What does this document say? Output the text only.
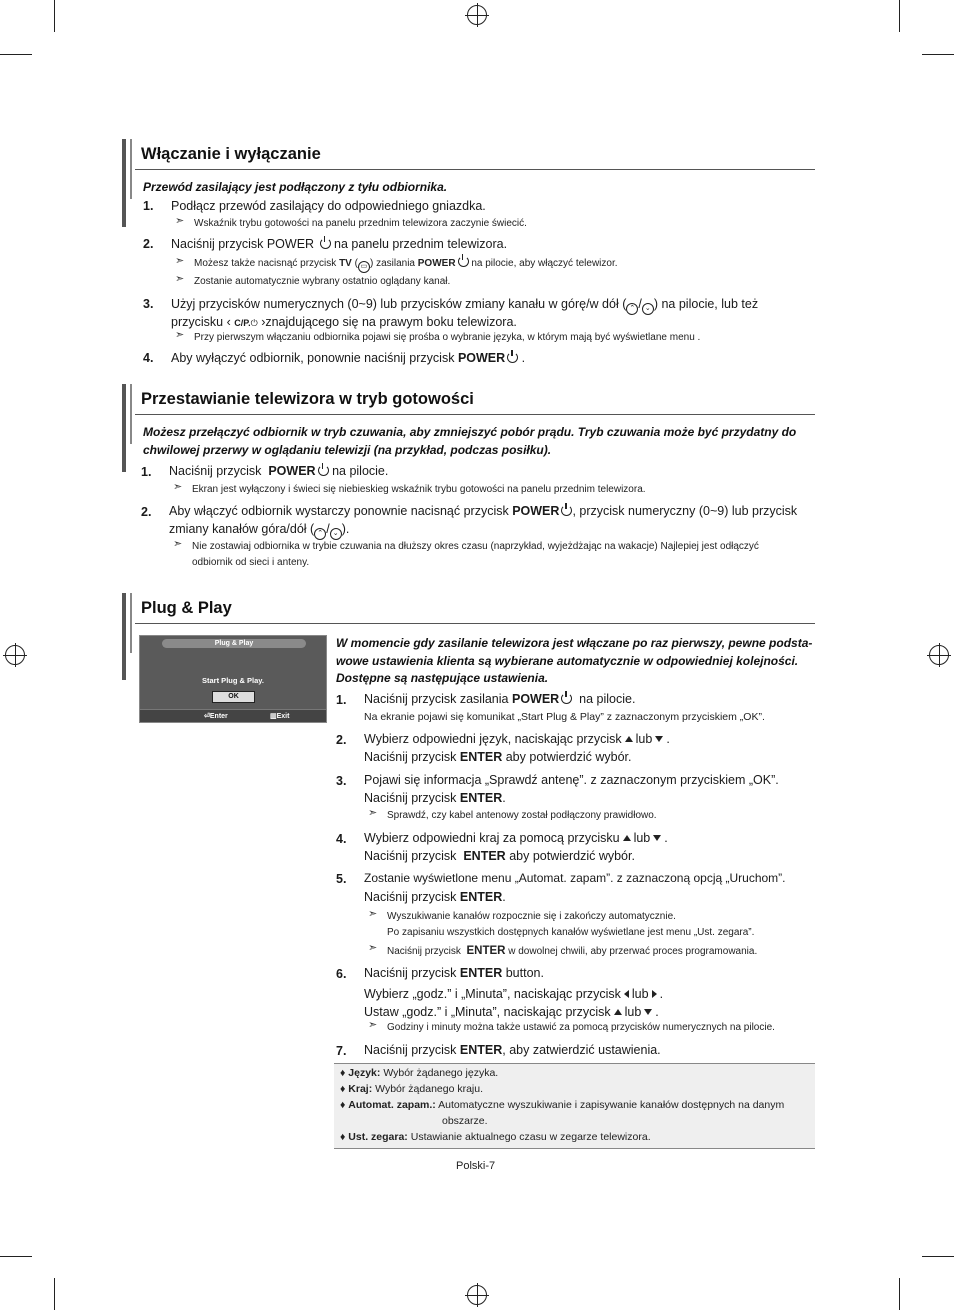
Włączanie i wyłączanie
Przewód zasilający jest podłączony z tyłu odbiornika.
1. Podłącz przewód zasilający do odpowiedniego gniazdka.
➣ Wskaźnik trybu gotowości na panelu przednim telewizora zaczynie świecić.
2. Naciśnij przycisk POWER na panelu przednim telewizora.
➣ Możesz także nacisnąć przycisk TV ( ▭ ) zasilania POWER na pilocie, aby włączyć telewizor.
➣ Zostanie automatycznie wybrany ostatnio oglądany kanał.
3. Użyj przycisków numerycznych (0~9) lub przycisków zmiany kanału w górę/w dół ( ⌃ / ⌄ ) na pilocie, lub też
przycisku ‹ C/P.⏻ ›znajdującego się na prawym boku telewizora.
➣ Przy pierwszym włączaniu odbiornika pojawi się prośba o wybranie języka, w którym mają być wyświetlane menu .
4. Aby wyłączyć odbiornik, ponownie naciśnij przycisk POWER .
Przestawianie telewizora w tryb gotowości
Możesz przełączyć odbiornik w tryb czuwania, aby zmniejszyć pobór prądu. Tryb czuwania może być przydatny do
chwilowej przerwy w oglądaniu telewizji (na przykład, podczas posiłku).
1. Naciśnij przycisk POWER na pilocie.
➣ Ekran jest wyłączony i świeci się niebieskieg wskaźnik trybu gotowości na panelu przednim telewizora.
2. Aby włączyć odbiornik wystarczy ponownie nacisnąć przycisk POWER , przycisk numeryczny (0~9) lub przycisk
zmiany kanałów góra/dół ( ⌃ / ⌄ ).
➣ Nie zostawiaj odbiornika w trybie czuwania na dłuższy okres czasu (naprzykład, wyjeżdżając na wakacje) Najlepiej jest odłączyć
odbiornik od sieci i anteny.
Plug & Play
Plug & Play
Start Plug & Play.
OK
⏎Enter	▥Exit
W momencie gdy zasilanie telewizora jest włączane po raz pierwszy, pewne podsta-
wowe ustawienia klienta są wybierane automatycznie w odpowiedniej kolejności.
Dostępne są następujące ustawienia.
1. Naciśnij przycisk zasilania POWER na pilocie.
Na ekranie pojawi się komunikat „Start Plug & Play” z zaznaczonym przyciskiem „OK”.
2. Wybierz odpowiedni język, naciskając przycisk lub .
Naciśnij przycisk ENTER aby potwierdzić wybór.
3. Pojawi się informacja „Sprawdź antenę”. z zaznaczonym przyciskiem „OK”.
Naciśnij przycisk ENTER.
➣ Sprawdź, czy kabel antenowy został podłączony prawidłowo.
4. Wybierz odpowiedni kraj za pomocą przycisku lub .
Naciśnij przycisk ENTER aby potwierdzić wybór.
5. Zostanie wyświetlone menu „Automat. zapam”. z zaznaczoną opcją „Uruchom”.
Naciśnij przycisk ENTER.
➣ Wyszukiwanie kanałów rozpocznie się i zakończy automatycznie.
Po zapisaniu wszystkich dostępnych kanałów wyświetlane jest menu „Ust. zegara”.
➣ Naciśnij przycisk ENTER w dowolnej chwili, aby przerwać proces programowania.
6. Naciśnij przycisk ENTER button.
Wybierz „godz.” i „Minuta”, naciskając przycisk lub .
Ustaw „godz.” i „Minuta”, naciskając przycisk lub .
➣ Godziny i minuty można także ustawić za pomocą przycisków numerycznych na pilocie.
7. Naciśnij przycisk ENTER, aby zatwierdzić ustawienia.
♦ Język: Wybór żądanego języka.
♦ Kraj: Wybór żądanego kraju.
♦ Automat. zapam.: Automatyczne wyszukiwanie i zapisywanie kanałów dostępnych na danym
obszarze.
♦ Ust. zegara: Ustawianie aktualnego czasu w zegarze telewizora.
Polski-7
